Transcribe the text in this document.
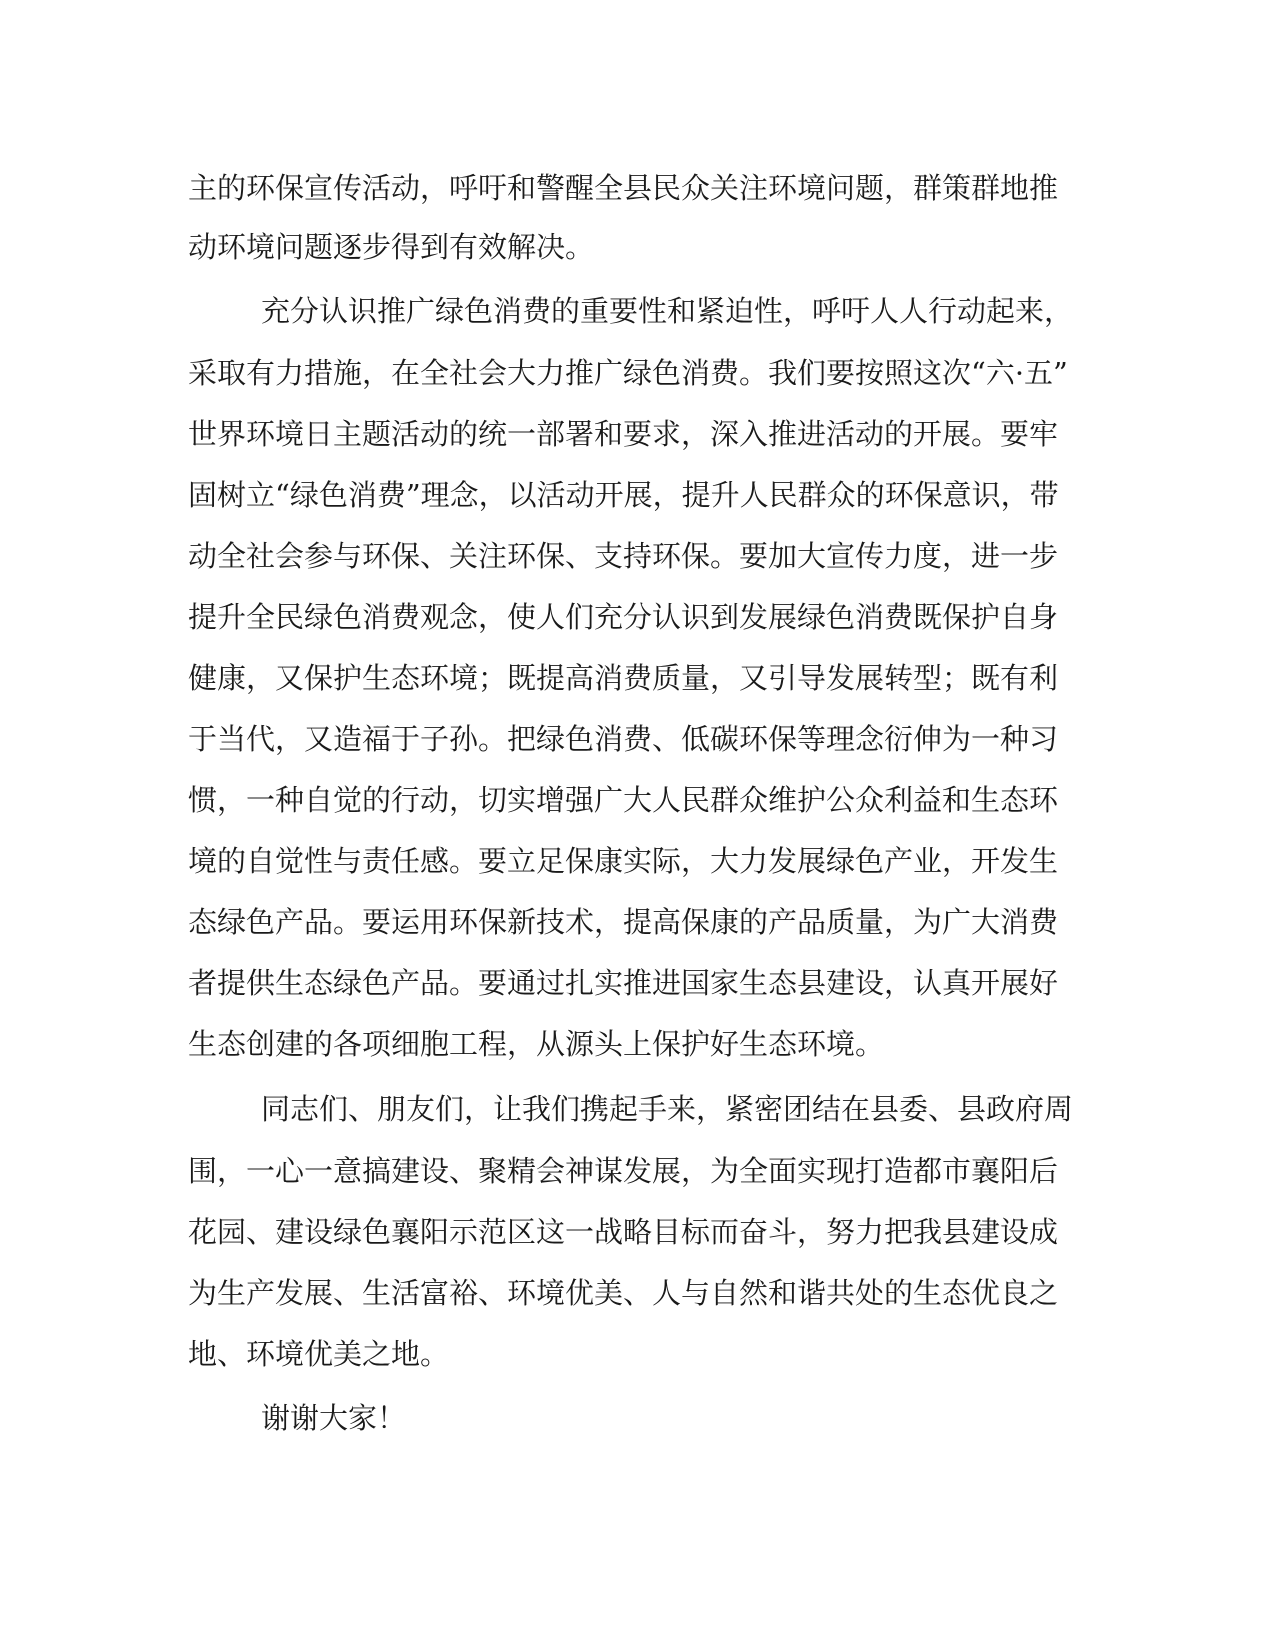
主的环保宣传活动，呼吁和警醒全县民众关注环境问题，群策群地推

动环境问题逐步得到有效解决。

充分认识推广绿色消费的重要性和紧迫性，呼吁人人行动起来，

采取有力措施，在全社会大力推广绿色消费。我们要按照这次“六·五”

世界环境日主题活动的统一部署和要求，深入推进活动的开展。要牢

固树立“绿色消费”理念，以活动开展，提升人民群众的环保意识，带

动全社会参与环保、关注环保、支持环保。要加大宣传力度，进一步

提升全民绿色消费观念，使人们充分认识到发展绿色消费既保护自身

健康，又保护生态环境；既提高消费质量，又引导发展转型；既有利

于当代，又造福于子孙。把绿色消费、低碳环保等理念衍伸为一种习

惯，一种自觉的行动，切实增强广大人民群众维护公众利益和生态环

境的自觉性与责任感。要立足保康实际，大力发展绿色产业，开发生

态绿色产品。要运用环保新技术，提高保康的产品质量，为广大消费

者提供生态绿色产品。要通过扎实推进国家生态县建设，认真开展好

生态创建的各项细胞工程，从源头上保护好生态环境。

同志们、朋友们，让我们携起手来，紧密团结在县委、县政府周

围，一心一意搞建设、聚精会神谋发展，为全面实现打造都市襄阳后

花园、建设绿色襄阳示范区这一战略目标而奋斗，努力把我县建设成

为生产发展、生活富裕、环境优美、人与自然和谐共处的生态优良之

地、环境优美之地。

谢谢大家！
